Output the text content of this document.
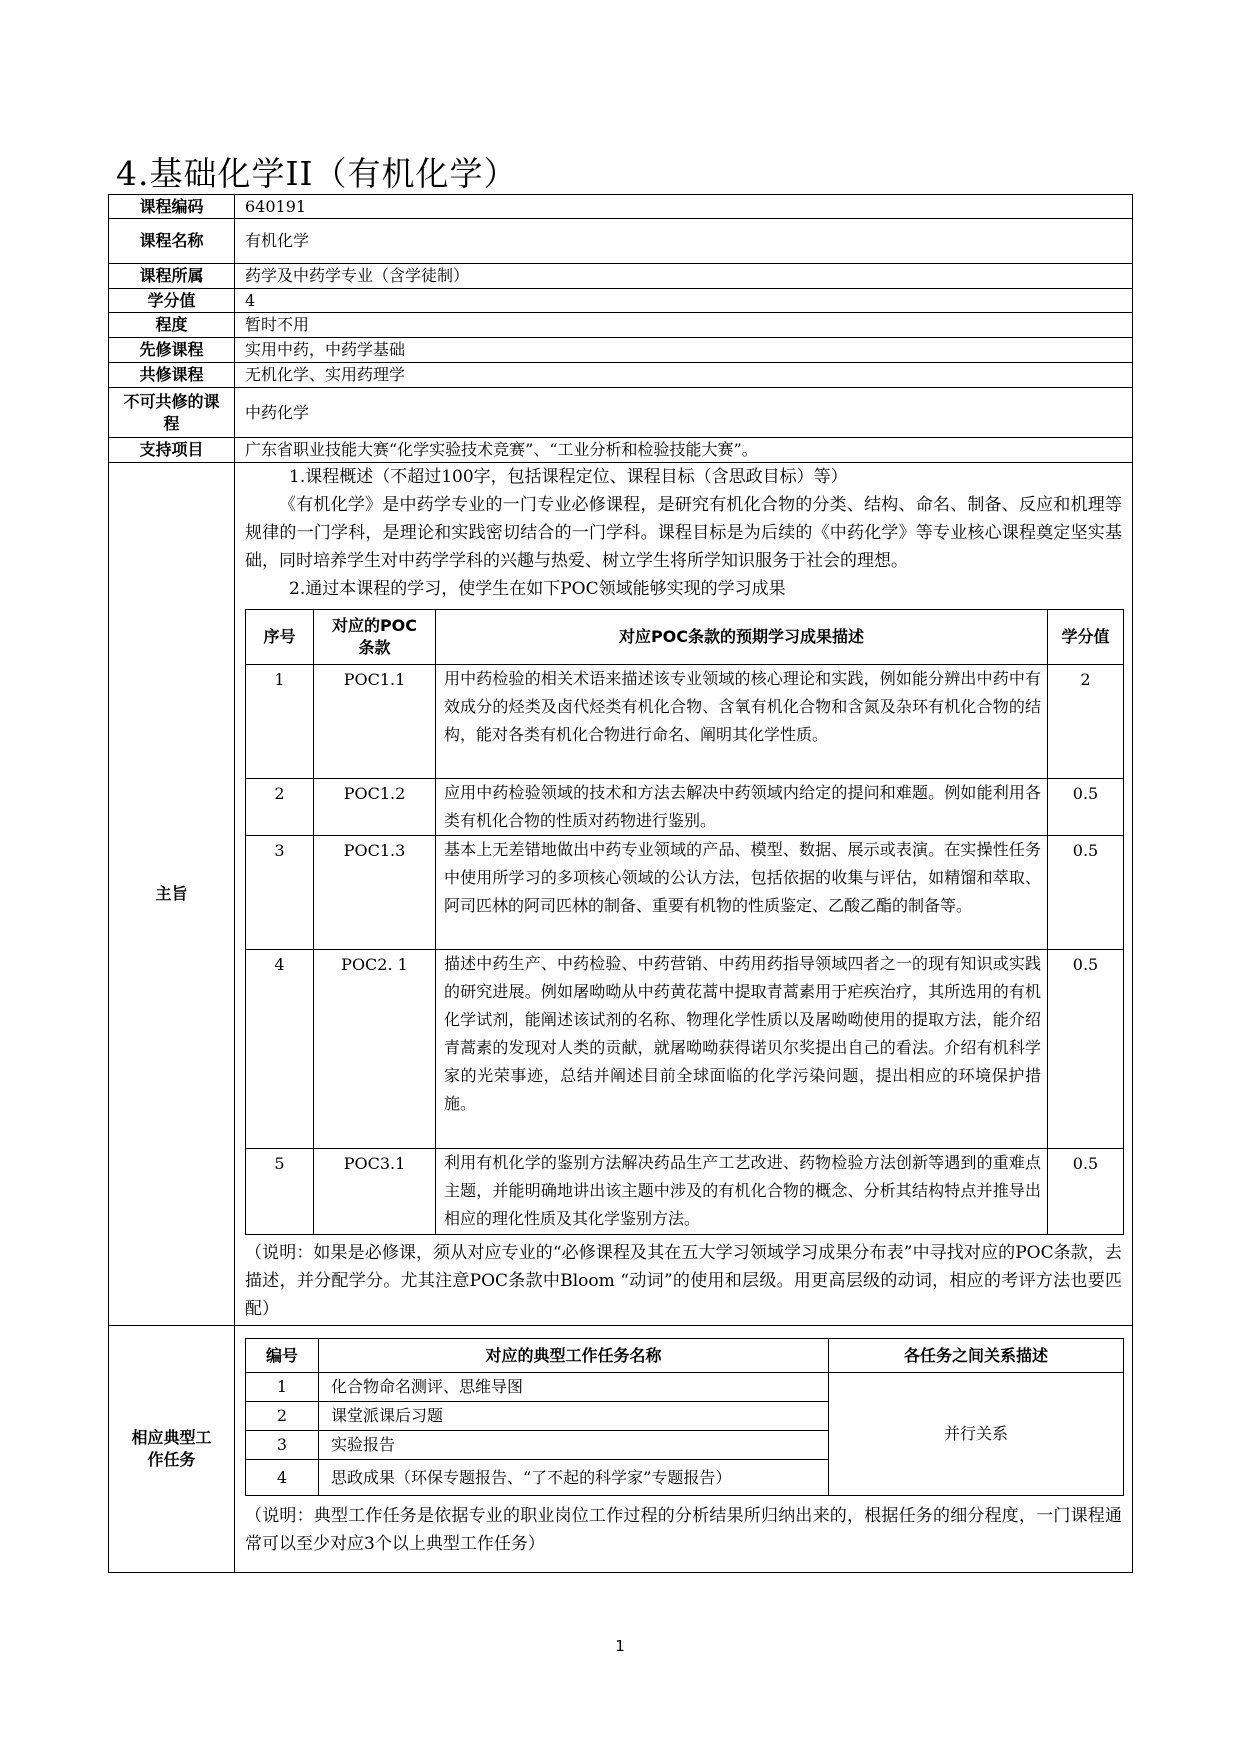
4.基础化学II（有机化学）
课程编码	640191
课程名称	有机化学
课程所属	药学及中药学专业（含学徒制）
学分值	4
程度	暂时不用
先修课程	实用中药，中药学基础
共修课程	无机化学、实用药理学
不可共修的课程	中药化学
支持项目	广东省职业技能大赛“化学实验技术竞赛”、“工业分析和检验技能大赛”。
主旨	

1.课程概述（不超过100字，包括课程定位、课程目标（含思政目标）等）

《有机化学》是中药学专业的一门专业必修课程，是研究有机化合物的分类、结构、命名、制备、反应和机理等规律的一门学科，是理论和实践密切结合的一门学科。课程目标是为后续的《中药化学》等专业核心课程奠定坚实基础，同时培养学生对中药学学科的兴趣与热爱、树立学生将所学知识服务于社会的理想。

2.通过本课程的学习，使学生在如下POC领域能够实现的学习成果

序号	对应的POC条款	对应POC条款的预期学习成果描述	学分值
1	POC1.1	用中药检验的相关术语来描述该专业领域的核心理论和实践，例如能分辨出中药中有效成分的烃类及卤代烃类有机化合物、含氧有机化合物和含氮及杂环有机化合物的结构，能对各类有机化合物进行命名、阐明其化学性质。	2
2	POC1.2	应用中药检验领域的技术和方法去解决中药领域内给定的提问和难题。例如能利用各类有机化合物的性质对药物进行鉴别。	0.5
3	POC1.3	基本上无差错地做出中药专业领域的产品、模型、数据、展示或表演。在实操性任务中使用所学习的多项核心领域的公认方法，包括依据的收集与评估，如精馏和萃取、阿司匹林的阿司匹林的制备、重要有机物的性质鉴定、乙酸乙酯的制备等。	0.5
4	POC2. 1	描述中药生产、中药检验、中药营销、中药用药指导领域四者之一的现有知识或实践的研究进展。例如屠呦呦从中药黄花蒿中提取青蒿素用于疟疾治疗，其所选用的有机化学试剂，能阐述该试剂的名称、物理化学性质以及屠呦呦使用的提取方法，能介绍青蒿素的发现对人类的贡献，就屠呦呦获得诺贝尔奖提出自己的看法。介绍有机科学家的光荣事迹，总结并阐述目前全球面临的化学污染问题，提出相应的环境保护措施。	0.5
5	POC3.1	利用有机化学的鉴别方法解决药品生产工艺改进、药物检验方法创新等遇到的重难点主题，并能明确地讲出该主题中涉及的有机化合物的概念、分析其结构特点并推导出相应的理化性质及其化学鉴别方法。	0.5

（说明：如果是必修课，须从对应专业的“必修课程及其在五大学习领域学习成果分布表”中寻找对应的POC条款，去描述，并分配学分。尤其注意POC条款中Bloom “动词”的使用和层级。用更高层级的动词，相应的考评方法也要匹配）

相应典型工作任务	
编号	对应的典型工作任务名称	各任务之间关系描述
1	化合物命名测评、思维导图	并行关系
2	课堂派课后习题
3	实验报告
4	思政成果（环保专题报告、“了不起的科学家”专题报告）

（说明：典型工作任务是依据专业的职业岗位工作过程的分析结果所归纳出来的，根据任务的细分程度，一门课程通常可以至少对应3个以上典型工作任务）

1
